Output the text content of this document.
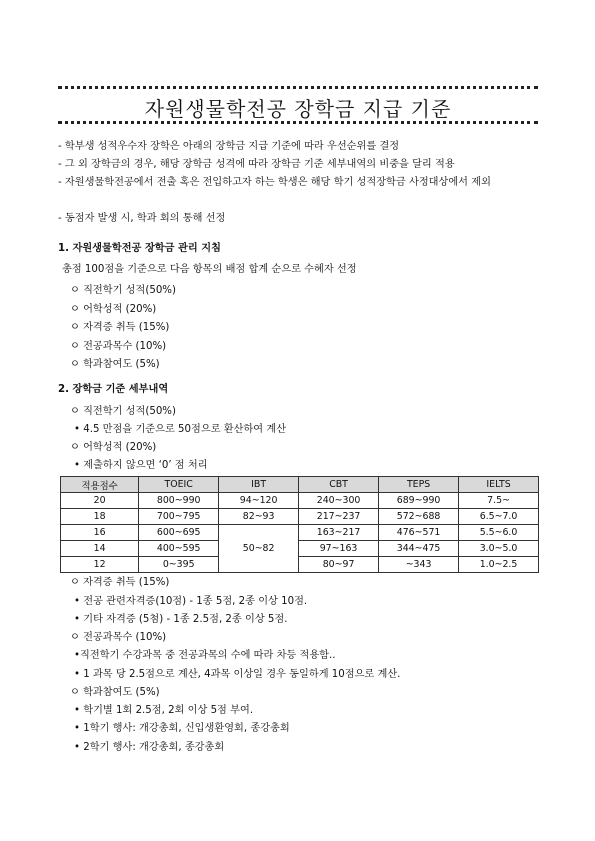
자원생물학전공 장학금 지급 기준
- 학부생 성적우수자 장학은 아래의 장학금 지급 기준에 따라 우선순위를 결정
- 그 외 장학금의 경우, 해당 장학금 성격에 따라 장학금 기준 세부내역의 비중을 달리 적용
- 자원생물학전공에서 전출 혹은 전입하고자 하는 학생은 해당 학기 성적장학금 사정대상에서 제외
- 동점자 발생 시, 학과 회의 통해 선정
1. 자원생물학전공 장학금 관리 지침
총점 100점을 기준으로 다음 항목의 배점 합계 순으로 수혜자 선정
ㅇ 직전학기 성적(50%)
ㅇ 어학성적 (20%)
ㅇ 자격증 취득 (15%)
ㅇ 전공과목수 (10%)
ㅇ 학과참여도 (5%)
2. 장학금 기준 세부내역
ㅇ 직전학기 성적(50%)
• 4.5 만점을 기준으로 50점으로 환산하여 계산
ㅇ 어학성적 (20%)
• 제출하지 않으면 ‘0’ 점 처리
적용점수	TOEIC	IBT	CBT	TEPS	IELTS
20	800~990	94~120	240~300	689~990	7.5~
18	700~795	82~93	217~237	572~688	6.5~7.0
16	600~695	50~82	163~217	476~571	5.5~6.0
14	400~595		97~163	344~475	3.0~5.0
12	0~395		80~97	~343	1.0~2.5
ㅇ 자격증 취득 (15%)
• 전공 관련자격증(10점) - 1종 5점, 2종 이상 10점.
• 기타 자격증 (5첨) - 1종 2.5점, 2종 이상 5점.
ㅇ 전공과목수 (10%)
•직전학기 수강과목 중 전공과목의 수에 따라 차등 적용함..
• 1 과목 당 2.5점으로 계산, 4과목 이상일 경우 동일하게 10점으로 계산.
ㅇ 학과참여도 (5%)
• 학기별 1회 2.5점, 2회 이상 5점 부여.
• 1학기 행사: 개강총회, 신입생환영회, 종강총회
• 2학기 행사: 개강총회, 종강총회
